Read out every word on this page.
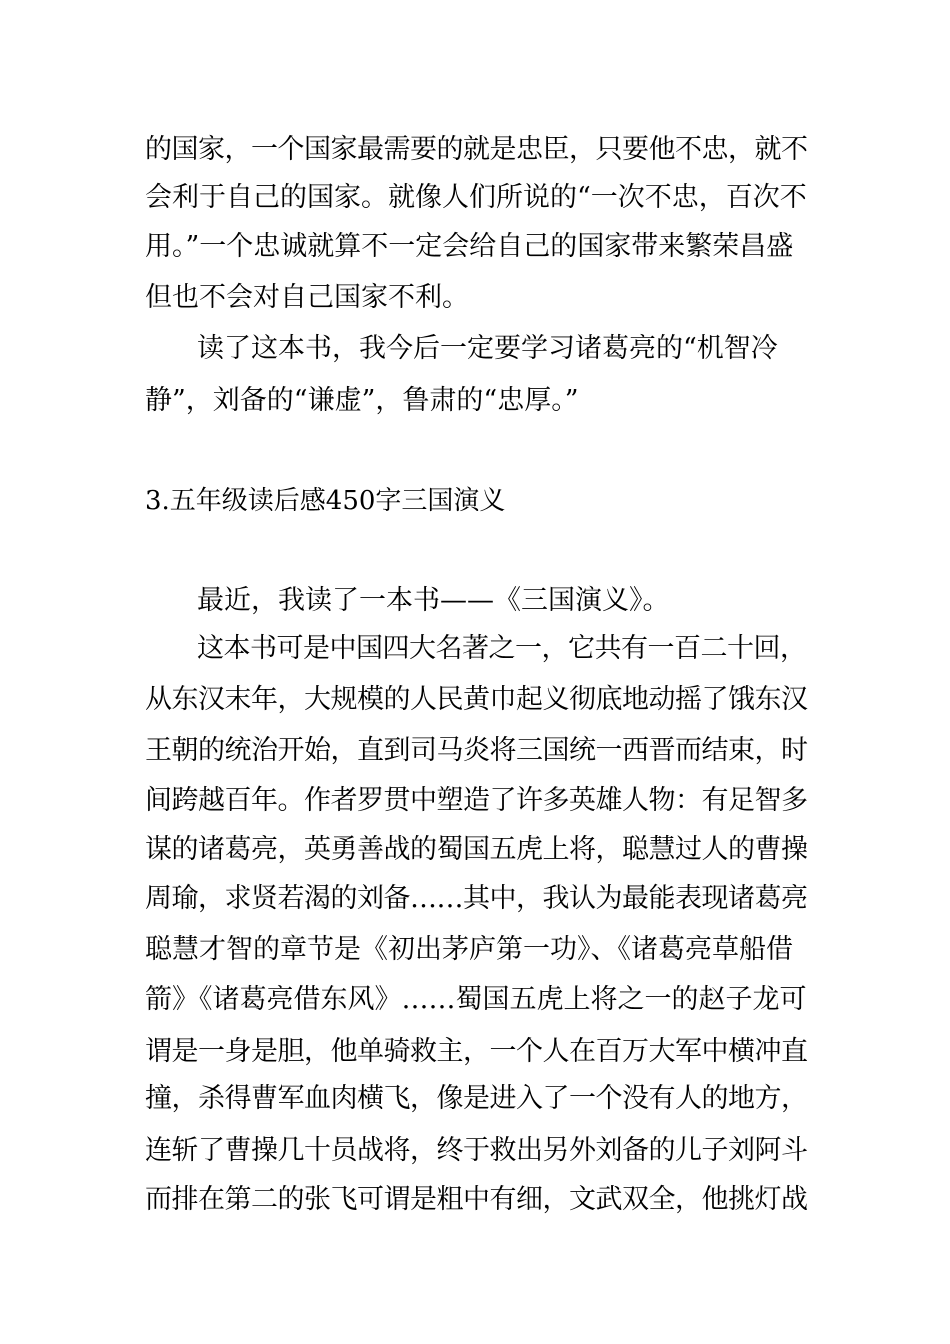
的国家，一个国家最需要的就是忠臣，只要他不忠，就不
会利于自己的国家。就像人们所说的“一次不忠，百次不
用。”一个忠诚就算不一定会给自己的国家带来繁荣昌盛
但也不会对自己国家不利。
读了这本书，我今后一定要学习诸葛亮的“机智冷
静”，刘备的“谦虚”，鲁肃的“忠厚。”
3.五年级读后感450字三国演义
最近，我读了一本书——《三国演义》。
这本书可是中国四大名著之一，它共有一百二十回，
从东汉末年，大规模的人民黄巾起义彻底地动摇了饿东汉
王朝的统治开始，直到司马炎将三国统一西晋而结束，时
间跨越百年。作者罗贯中塑造了许多英雄人物：有足智多
谋的诸葛亮，英勇善战的蜀国五虎上将，聪慧过人的曹操
周瑜，求贤若渴的刘备……其中，我认为最能表现诸葛亮
聪慧才智的章节是《初出茅庐第一功》、《诸葛亮草船借
箭》《诸葛亮借东风》……蜀国五虎上将之一的赵子龙可
谓是一身是胆，他单骑救主，一个人在百万大军中横冲直
撞，杀得曹军血肉横飞，像是进入了一个没有人的地方，
连斩了曹操几十员战将，终于救出另外刘备的儿子刘阿斗
而排在第二的张飞可谓是粗中有细，文武双全，他挑灯战
